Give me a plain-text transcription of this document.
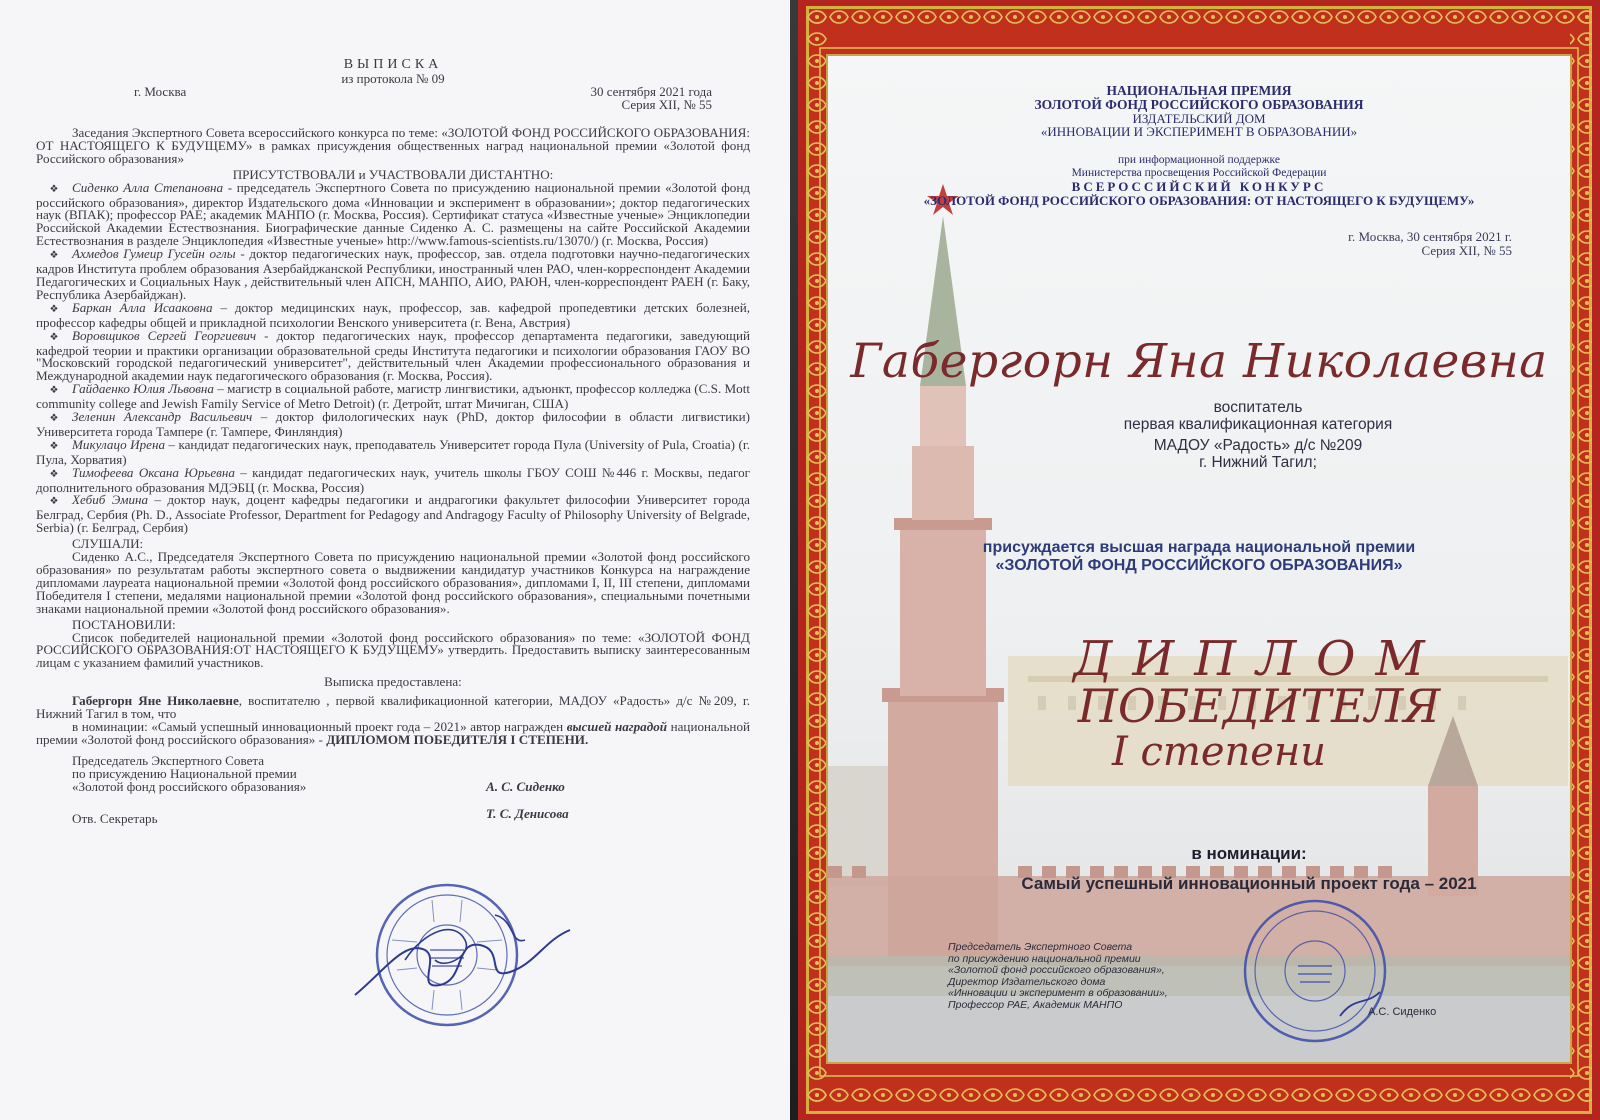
ВЫПИСКА
из протокола № 09
г. Москва	30 сентября 2021 года
Серия XII, № 55
Заседания Экспертного Совета всероссийского конкурса по теме: «ЗОЛОТОЙ ФОНД РОССИЙСКОГО ОБРАЗОВАНИЯ: ОТ НАСТОЯЩЕГО К БУДУЩЕМУ» в рамках присуждения общественных наград национальной премии «Золотой фонд Российского образования»
ПРИСУТСТВОВАЛИ и УЧАСТВОВАЛИ ДИСТАНТНО:
❖ Сиденко Алла Степановна - председатель Экспертного Совета по присуждению национальной премии «Золотой фонд российского образования», директор Издательского дома «Инновации и эксперимент в образовании»; доктор педагогических наук (ВПАК); профессор РАЕ; академик МАНПО (г. Москва, Россия). Сертификат статуса «Известные ученые» Энциклопедии Российской Академии Естествознания. Биографические данные Сиденко А. С. размещены на сайте Российской Академии Естествознания в разделе Энциклопедия «Известные ученые» http://www.famous-scientists.ru/13070/) (г. Москва, Россия)
❖ Ахмедов Гумеир Гусейн оглы - доктор педагогических наук, профессор, зав. отдела подготовки научно-педагогических кадров Института проблем образования Азербайджанской Республики, иностранный член РАО, член-корреспондент Академии Педагогических и Социальных Наук , действительный член АПСН, МАНПО, АИО, РАЮН, член-корреспондент РАЕН (г. Баку, Республика Азербайджан).
❖ Баркан Алла Исааковна – доктор медицинских наук, профессор, зав. кафедрой пропедевтики детских болезней, профессор кафедры общей и прикладной психологии Венского университета (г. Вена, Австрия)
❖ Воровщиков Сергей Георгиевич - доктор педагогических наук, профессор департамента педагогики, заведующий кафедрой теории и практики организации образовательной среды Института педагогики и психологии образования ГАОУ ВО "Московский городской педагогический университет", действительный член Академии профессионального образования и Международной академии наук педагогического образования (г. Москва, Россия).
❖ Гайдаенко Юлия Львовна – магистр в социальной работе, магистр лингвистики, адъюнкт, профессор колледжа (C.S. Mott community college and Jewish Family Service of Metro Detroit) (г. Детройт, штат Мичиган, США)
❖ Зеленин Александр Васильевич – доктор филологических наук (PhD, доктор философии в области лигвистики) Университета города Тампере (г. Тампере, Финляндия)
❖ Микулацо Ирена – кандидат педагогических наук, преподаватель Университет города Пула (University of Pula, Croatia) (г. Пула, Хорватия)
❖ Тимофеева Оксана Юрьевна – кандидат педагогических наук, учитель школы ГБОУ СОШ №446 г. Москвы, педагог дополнительного образования МДЭБЦ (г. Москва, Россия)
❖ Хебиб Эмина – доктор наук, доцент кафедры педагогики и андрагогики факультет философии Университет города Белград, Сербия (Ph. D., Associate Professor, Department for Pedagogy and Andragogy Faculty of Philosophy University of Belgrade, Serbia) (г. Белград, Сербия)
СЛУШАЛИ:
Сиденко А.С., Председателя Экспертного Совета по присуждению национальной премии «Золотой фонд российского образования» по результатам работы экспертного совета о выдвижении кандидатур участников Конкурса на награждение дипломами лауреата национальной премии «Золотой фонд российского образования», дипломами I, II, III степени, дипломами Победителя I степени, медалями национальной премии «Золотой фонд российского образования», специальными почетными знаками национальной премии «Золотой фонд российского образования».
ПОСТАНОВИЛИ:
Список победителей национальной премии «Золотой фонд российского образования» по теме: «ЗОЛОТОЙ ФОНД РОССИЙСКОГО ОБРАЗОВАНИЯ:ОТ НАСТОЯЩЕГО К БУДУЩЕМУ» утвердить. Предоставить выписку заинтересованным лицам с указанием фамилий участников.
Выписка предоставлена:
Габергорн Яне Николаевне, воспитателю , первой квалификационной категории, МАДОУ «Радость» д/с №209, г. Нижний Тагил в том, что
в номинации: «Самый успешный инновационный проект года – 2021» автор награжден высшей наградой национальной премии «Золотой фонд российского образования» - ДИПЛОМОМ ПОБЕДИТЕЛЯ I СТЕПЕНИ.
Председатель Экспертного Совета
по присуждению Национальной премии
«Золотой фонд российского образования»
Отв. Секретарь
А. С. Сиденко
Т. С. Денисова
НАЦИОНАЛЬНАЯ ПРЕМИЯ
ЗОЛОТОЙ ФОНД РОССИЙСКОГО ОБРАЗОВАНИЯ
ИЗДАТЕЛЬСКИЙ ДОМ
«ИННОВАЦИИ И ЭКСПЕРИМЕНТ В ОБРАЗОВАНИИ»
при информационной поддержке
Министерства просвещения Российской Федерации
ВСЕРОССИЙСКИЙ КОНКУРС
«ЗОЛОТОЙ ФОНД РОССИЙСКОГО ОБРАЗОВАНИЯ: ОТ НАСТОЯЩЕГО К БУДУЩЕМУ»
г. Москва, 30 сентября 2021 г.
Серия XII, № 55
Габергорн Яна Николаевна
воспитатель
первая квалификационная категория
МАДОУ «Радость» д/с №209
г. Нижний Тагил;
присуждается высшая награда национальной премии
«ЗОЛОТОЙ ФОНД РОССИЙСКОГО ОБРАЗОВАНИЯ»
ДИПЛОМ
ПОБЕДИТЕЛЯ
I степени
в номинации:
Самый успешный инновационный проект года – 2021
Председатель Экспертного Совета
по присуждению национальной премии
«Золотой фонд российского образования»,
Директор Издательского дома
«Инновации и эксперимент в образовании»,
Профессор РАЕ, Академик МАНПО
А.С. Сиденко
